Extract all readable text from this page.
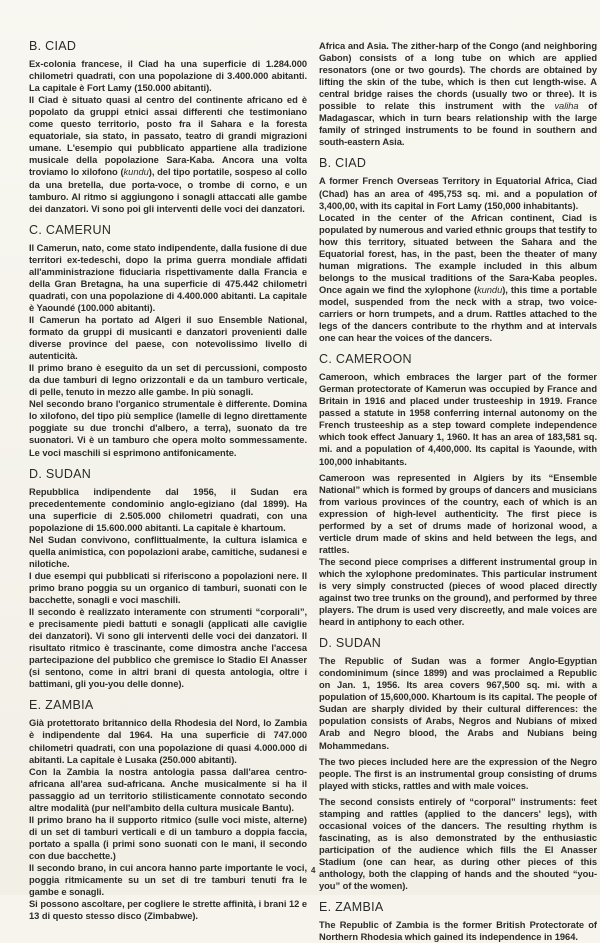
B. CIAD

Ex-colonia francese, il Ciad ha una superficie di 1.284.000 chilometri quadrati, con una popolazione di 3.400.000 abitanti. La capitale è Fort Lamy (150.000 abitanti).

Il Ciad è situato quasi al centro del continente africano ed è popolato da gruppi etnici assai differenti che testimoniano come questo territorio, posto fra il Sahara e la foresta equatoriale, sia stato, in passato, teatro di grandi migrazioni umane. L'esempio qui pubblicato appartiene alla tradizione musicale della popolazione Sara-Kaba. Ancora una volta troviamo lo xilofono (kundu), del tipo portatile, sospeso al collo da una bretella, due porta-voce, o trombe di corno, e un tamburo. Al ritmo si aggiungono i sonagli attaccati alle gambe dei danzatori. Vi sono poi gli interventi delle voci dei danzatori.

C. CAMERUN

Il Camerun, nato, come stato indipendente, dalla fusione di due territori ex-tedeschi, dopo la prima guerra mondiale affidati all'amministrazione fiduciaria rispettivamente dalla Francia e della Gran Bretagna, ha una superficie di 475.442 chilometri quadrati, con una popolazione di 4.400.000 abitanti. La capitale è Yaoundé (100.000 abitanti).

Il Camerun ha portato ad Algeri il suo Ensemble National, formato da gruppi di musicanti e danzatori provenienti dalle diverse province del paese, con notevolissimo livello di autenticità.

Il primo brano è eseguito da un set di percussioni, composto da due tamburi di legno orizzontali e da un tamburo verticale, di pelle, tenuto in mezzo alle gambe. In più sonagli.

Nel secondo brano l'organico strumentale è differente. Domina lo xilofono, del tipo più semplice (lamelle di legno direttamente poggiate su due tronchi d'albero, a terra), suonato da tre suonatori. Vi è un tamburo che opera molto sommessamente. Le voci maschili si esprimono antifonicamente.

D. SUDAN

Repubblica indipendente dal 1956, il Sudan era precedentemente condominio anglo-egiziano (dal 1899). Ha una superficie di 2.505.000 chilometri quadrati, con una popolazione di 15.600.000 abitanti. La capitale è khartoum.

Nel Sudan convivono, conflittualmente, la cultura islamica e quella animistica, con popolazioni arabe, camitiche, sudanesi e nilotiche.

I due esempi qui pubblicati si riferiscono a popolazioni nere. Il primo brano poggia su un organico di tamburi, suonati con le bacchette, sonagli e voci maschili.

Il secondo è realizzato interamente con strumenti “corporali”, e precisamente piedi battuti e sonagli (applicati alle caviglie dei danzatori). Vi sono gli interventi delle voci dei danzatori. Il risultato ritmico è trascinante, come dimostra anche l'accesa partecipazione del pubblico che gremisce lo Stadio El Anasser (si sentono, come in altri brani di questa antologia, oltre i battimani, gli you-you delle donne).

E. ZAMBIA

Già protettorato britannico della Rhodesia del Nord, lo Zambia è indipendente dal 1964. Ha una superficie di 747.000 chilometri quadrati, con una popolazione di quasi 4.000.000 di abitanti. La capitale è Lusaka (250.000 abitanti).

Con la Zambia la nostra antologia passa dall'area centro-africana all'area sud-africana. Anche musicalmente si ha il passaggio ad un territorio stilisticamente connotato secondo altre modalità (pur nell'ambito della cultura musicale Bantu).

Il primo brano ha il supporto ritmico (sulle voci miste, alterne) di un set di tamburi verticali e di un tamburo a doppia faccia, portato a spalla (i primi sono suonati con le mani, il secondo con due bacchette.)

Il secondo brano, in cui ancora hanno parte importante le voci, poggia ritmicamente su un set di tre tamburi tenuti fra le gambe e sonagli.

Si possono ascoltare, per cogliere le strette affinità, i brani 12 e 13 di questo stesso disco (Zimbabwe).

Africa and Asia. The zither-harp of the Congo (and neighboring Gabon) consists of a long tube on which are applied resonators (one or two gourds). The chords are obtained by lifting the skin of the tube, which is then cut length-wise. A central bridge raises the chords (usually two or three). It is possible to relate this instrument with the valiha of Madagascar, which in turn bears relationship with the large family of stringed instruments to be found in southern and south-eastern Asia.

B. CIAD

A former French Overseas Territory in Equatorial Africa, Ciad (Chad) has an area of 495,753 sq. mi. and a population of 3,400,00, with its capital in Fort Lamy (150,000 inhabitants).

Located in the center of the African continent, Ciad is populated by numerous and varied ethnic groups that testify to how this territory, situated between the Sahara and the Equatorial forest, has, in the past, been the theater of many human migrations. The example included in this album belongs to the musical traditions of the Sara-Kaba peoples. Once again we find the xylophone (kundu), this time a portable model, suspended from the neck with a strap, two voice-carriers or horn trumpets, and a drum. Rattles attached to the legs of the dancers contribute to the rhythm and at intervals one can hear the voices of the dancers.

C. CAMEROON

Cameroon, which embraces the larger part of the former German protectorate of Kamerun was occupied by France and Britain in 1916 and placed under trusteeship in 1919. France passed a statute in 1958 conferring internal autonomy on the French trusteeship as a step toward complete independence which took effect January 1, 1960. It has an area of 183,581 sq. mi. and a population of 4,400,000. Its capital is Yaounde, with 100,000 inhabitants.

Cameroon was represented in Algiers by its “Ensemble National” which is formed by groups of dancers and musicians from various provinces of the country, each of which is an expression of high-level authenticity. The first piece is performed by a set of drums made of horizonal wood, a verticle drum made of skins and held between the legs, and rattles.

The second piece comprises a different instrumental group in which the xylophone predominates. This particular instrument is very simply constructed (pieces of wood placed directly against two tree trunks on the ground), and performed by three players. The drum is used very discreetly, and male voices are heard in antiphony to each other.

D. SUDAN

The Republic of Sudan was a former Anglo-Egyptian condominimum (since 1899) and was proclaimed a Republic on Jan. 1, 1956. Its area covers 967,500 sq. mi. with a population of 15,600,000. Khartoum is its capital. The people of Sudan are sharply divided by their cultural differences: the population consists of Arabs, Negros and Nubians of mixed Arab and Negro blood, the Arabs and Nubians being Mohammedans.

The two pieces included here are the expression of the Negro people. The first is an instrumental group consisting of drums played with sticks, rattles and with male voices.

The second consists entirely of “corporal” instruments: feet stamping and rattles (applied to the dancers' legs), with occasional voices of the dancers. The resulting rhythm is fascinating, as is also demonstrated by the enthusiastic participation of the audience which fills the El Anasser Stadium (one can hear, as during other pieces of this anthology, both the clapping of hands and the shouted “you-you” of the women).

E. ZAMBIA

The Republic of Zambia is the former British Protectorate of Northern Rhodesia which gained its independence in 1964.

4
